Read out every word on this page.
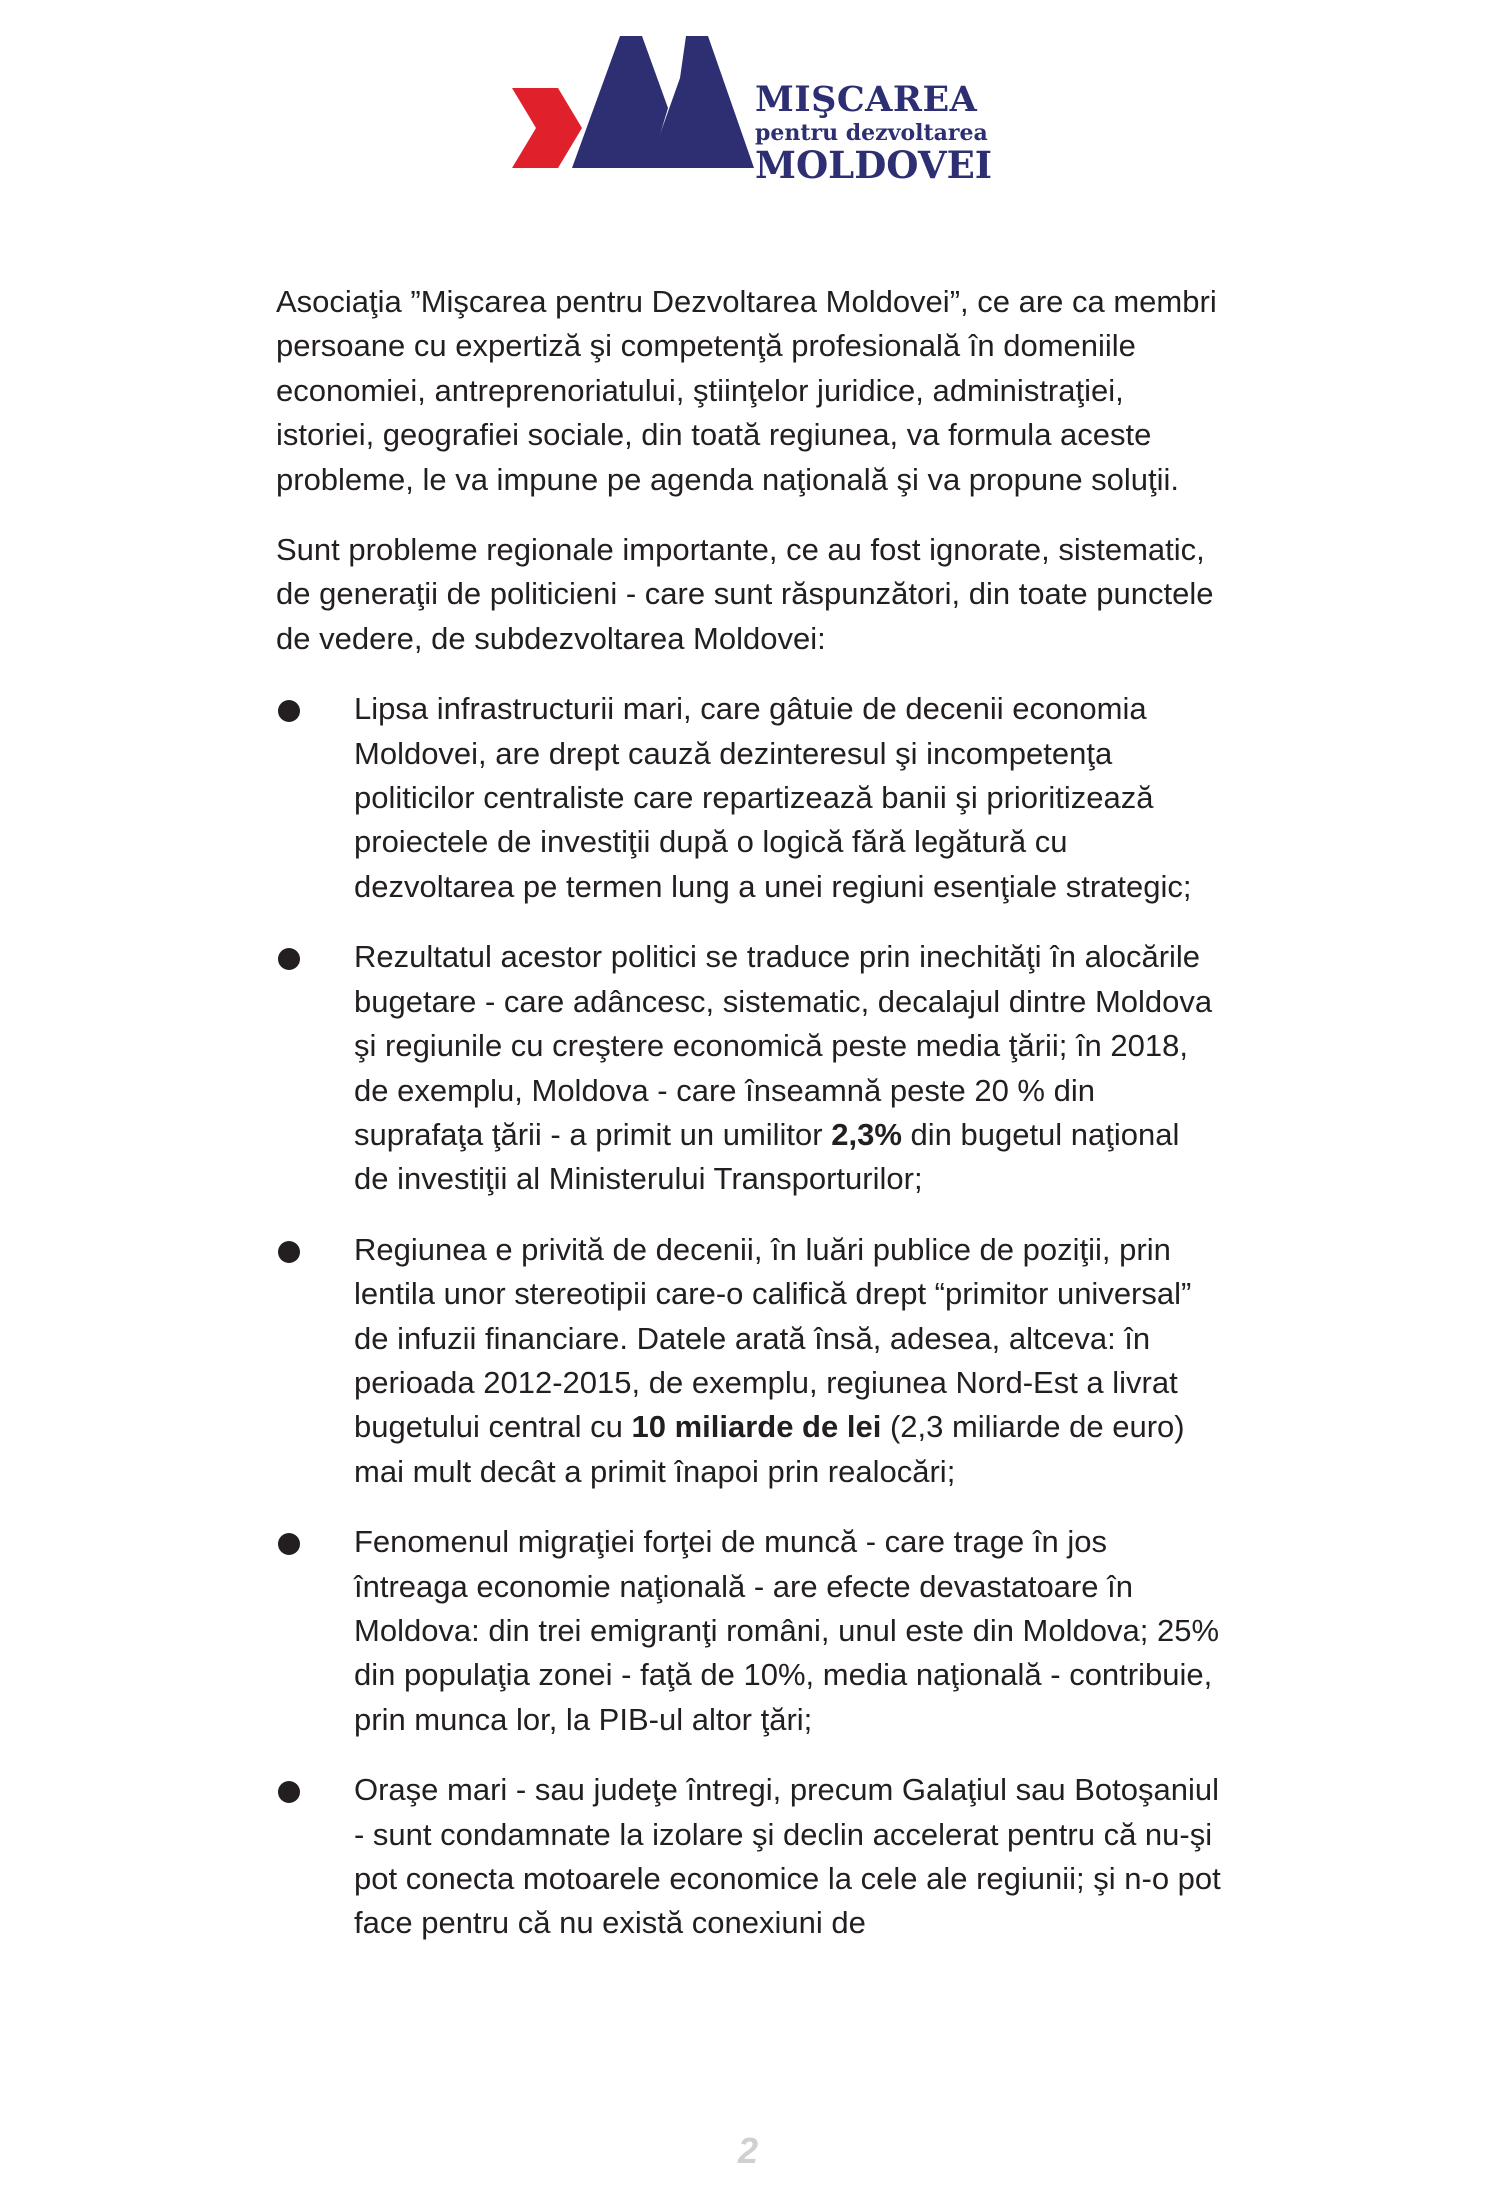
MIŞCAREA
pentru dezvoltarea
MOLDOVEI

Asociaţia ”Mişcarea pentru Dezvoltarea Moldovei”, ce are ca membri persoane cu expertiză şi competenţă profesională în domeniile economiei, antreprenoriatului, ştiinţelor juridice, administraţiei, istoriei, geografiei sociale, din toată regiunea, va formula aceste probleme, le va impune pe agenda naţională şi va propune soluţii.

Sunt probleme regionale importante, ce au fost ignorate, sistematic, de generaţii de politicieni - care sunt răspunzători, din toate punctele de vedere, de subdezvoltarea Moldovei:

Lipsa infrastructurii mari, care gâtuie de decenii economia Moldovei, are drept cauză dezinteresul şi incompetenţa politicilor centraliste care repartizează banii şi prioritizează proiectele de investiţii după o logică fără legătură cu dezvoltarea pe termen lung a unei regiuni esenţiale strategic;
Rezultatul acestor politici se traduce prin inechităţi în alocările bugetare - care adâncesc, sistematic, decalajul dintre Moldova şi regiunile cu creştere economică peste media ţării; în 2018, de exemplu, Moldova - care înseamnă peste 20 % din suprafaţa ţării - a primit un umilitor 2,3% din bugetul naţional de investiţii al Ministerului Transporturilor;
Regiunea e privită de decenii, în luări publice de poziţii, prin lentila unor stereotipii care-o califică drept “primitor universal” de infuzii financiare. Datele arată însă, adesea, altceva: în perioada 2012-2015, de exemplu, regiunea Nord-Est a livrat bugetului central cu 10 miliarde de lei (2,3 miliarde de euro) mai mult decât a primit înapoi prin realocări;
Fenomenul migraţiei forţei de muncă - care trage în jos întreaga economie naţională - are efecte devastatoare în Moldova: din trei emigranţi români, unul este din Moldova; 25% din populaţia zonei - faţă de 10%, media naţională - contribuie, prin munca lor, la PIB-ul altor ţări;
Oraşe mari - sau judeţe întregi, precum Galaţiul sau Botoşaniul - sunt condamnate la izolare şi declin accelerat pentru că nu-şi pot conecta motoarele economice la cele ale regiunii; şi n-o pot face pentru că nu există conexiuni de
2
